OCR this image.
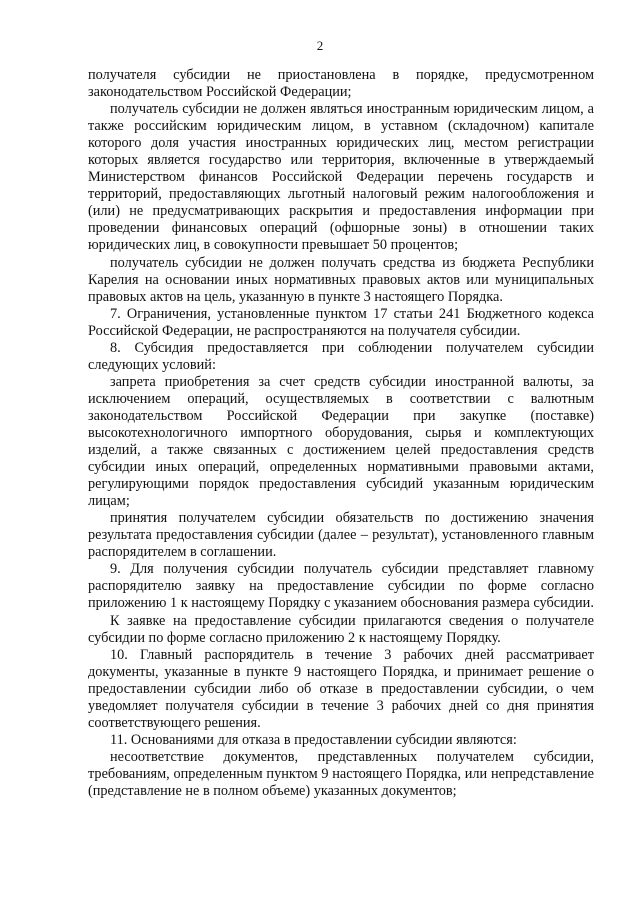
2

получателя субсидии не приостановлена в порядке, предусмотренном законодательством Российской Федерации;

получатель субсидии не должен являться иностранным юридическим лицом, а также российским юридическим лицом, в уставном (складочном) капитале которого доля участия иностранных юридических лиц, местом регистрации которых является государство или территория, включенные в утверждаемый Министерством финансов Российской Федерации перечень государств и территорий, предоставляющих льготный налоговый режим налогообложения и (или) не предусматривающих раскрытия и предоставления информации при проведении финансовых операций (офшорные зоны) в отношении таких юридических лиц, в совокупности превышает 50 процентов;

получатель субсидии не должен получать средства из бюджета Республики Карелия на основании иных нормативных правовых актов или муниципальных правовых актов на цель, указанную в пункте 3 настоящего Порядка.

7. Ограничения, установленные пунктом 17 статьи 241 Бюджетного кодекса Российской Федерации, не распространяются на получателя субсидии.

8. Субсидия предоставляется при соблюдении получателем субсидии следующих условий:

запрета приобретения за счет средств субсидии иностранной валюты, за исключением операций, осуществляемых в соответствии с валютным законодательством Российской Федерации при закупке (поставке) высокотехнологичного импортного оборудования, сырья и комплектующих изделий, а также связанных с достижением целей предоставления средств субсидии иных операций, определенных нормативными правовыми актами, регулирующими порядок предоставления субсидий указанным юридическим лицам;

принятия получателем субсидии обязательств по достижению значения результата предоставления субсидии (далее – результат), установленного главным распорядителем в соглашении.

9. Для получения субсидии получатель субсидии представляет главному распорядителю заявку на предоставление субсидии по форме согласно приложению 1 к настоящему Порядку с указанием обоснования размера субсидии.

К заявке на предоставление субсидии прилагаются сведения о получателе субсидии по форме согласно приложению 2 к настоящему Порядку.

10. Главный распорядитель в течение 3 рабочих дней рассматривает документы, указанные в пункте 9 настоящего Порядка, и принимает решение о предоставлении субсидии либо об отказе в предоставлении субсидии, о чем уведомляет получателя субсидии в течение 3 рабочих дней со дня принятия соответствующего решения.

11. Основаниями для отказа в предоставлении субсидии являются:

несоответствие документов, представленных получателем субсидии, требованиям, определенным пунктом 9 настоящего Порядка, или непредставление (представление не в полном объеме) указанных документов;
